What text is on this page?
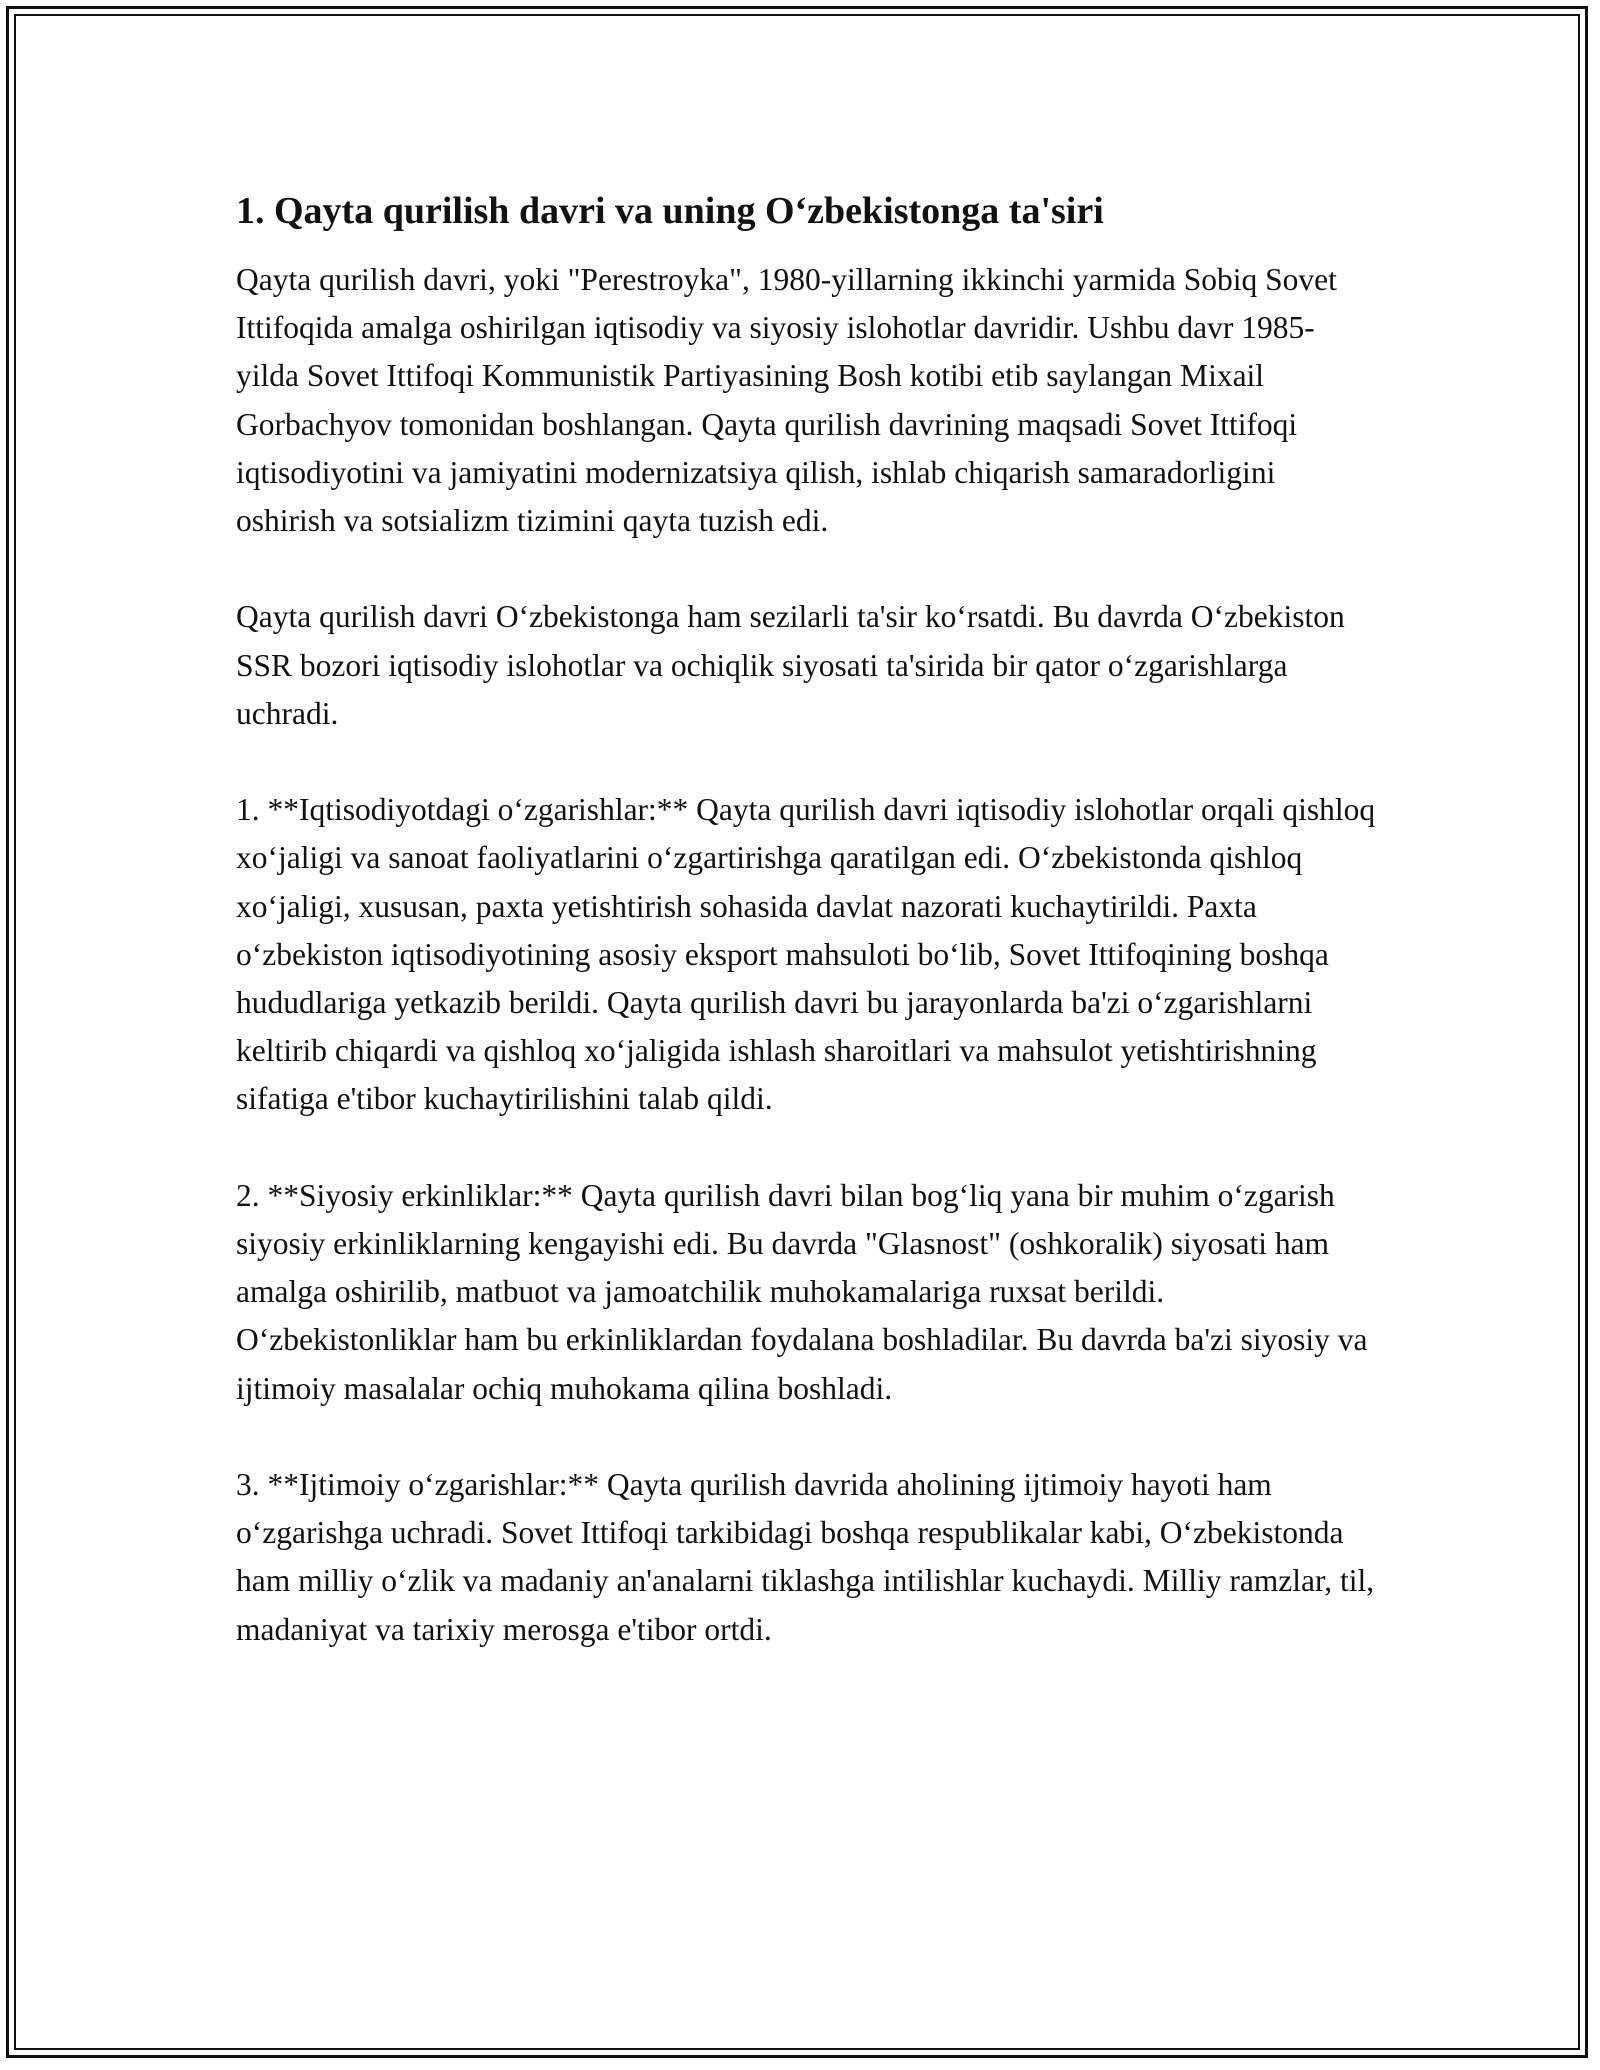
1. Qayta qurilish davri va uning O‘zbekistonga ta'siri

Qayta qurilish davri, yoki "Perestroyka", 1980-yillarning ikkinchi yarmida Sobiq Sovet Ittifoqida amalga oshirilgan iqtisodiy va siyosiy islohotlar davridir. Ushbu davr 1985-yilda Sovet Ittifoqi Kommunistik Partiyasining Bosh kotibi etib saylangan Mixail Gorbachyov tomonidan boshlangan. Qayta qurilish davrining maqsadi Sovet Ittifoqi iqtisodiyotini va jamiyatini modernizatsiya qilish, ishlab chiqarish samaradorligini oshirish va sotsializm tizimini qayta tuzish edi.

Qayta qurilish davri O‘zbekistonga ham sezilarli ta'sir ko‘rsatdi. Bu davrda O‘zbekiston SSR bozori iqtisodiy islohotlar va ochiqlik siyosati ta'sirida bir qator o‘zgarishlarga uchradi.

1. **Iqtisodiyotdagi o‘zgarishlar:** Qayta qurilish davri iqtisodiy islohotlar orqali qishloq xo‘jaligi va sanoat faoliyatlarini o‘zgartirishga qaratilgan edi. O‘zbekistonda qishloq xo‘jaligi, xususan, paxta yetishtirish sohasida davlat nazorati kuchaytirildi. Paxta o‘zbekiston iqtisodiyotining asosiy eksport mahsuloti bo‘lib, Sovet Ittifoqining boshqa hududlariga yetkazib berildi. Qayta qurilish davri bu jarayonlarda ba'zi o‘zgarishlarni keltirib chiqardi va qishloq xo‘jaligida ishlash sharoitlari va mahsulot yetishtirishning sifatiga e'tibor kuchaytirilishini talab qildi.

2. **Siyosiy erkinliklar:** Qayta qurilish davri bilan bog‘liq yana bir muhim o‘zgarish siyosiy erkinliklarning kengayishi edi. Bu davrda "Glasnost" (oshkoralik) siyosati ham amalga oshirilib, matbuot va jamoatchilik muhokamalariga ruxsat berildi. O‘zbekistonliklar ham bu erkinliklardan foydalana boshladilar. Bu davrda ba'zi siyosiy va ijtimoiy masalalar ochiq muhokama qilina boshladi.

3. **Ijtimoiy o‘zgarishlar:** Qayta qurilish davrida aholining ijtimoiy hayoti ham o‘zgarishga uchradi. Sovet Ittifoqi tarkibidagi boshqa respublikalar kabi, O‘zbekistonda ham milliy o‘zlik va madaniy an'analarni tiklashga intilishlar kuchaydi. Milliy ramzlar, til, madaniyat va tarixiy merosga e'tibor ortdi.
